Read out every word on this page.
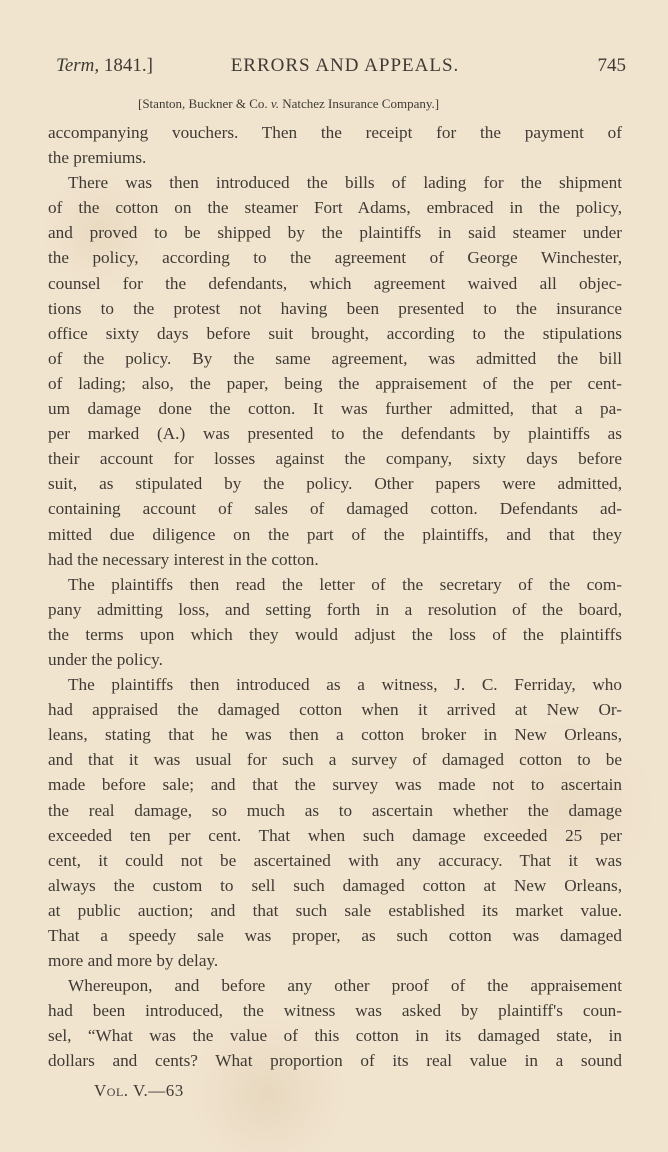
Term, 1841.]	ERRORS AND APPEALS.	745
[Stanton, Buckner & Co. v. Natchez Insurance Company.]
accompanying vouchers. Then the receipt for the payment of
the premiums.
There was then introduced the bills of lading for the shipment
of the cotton on the steamer Fort Adams, embraced in the policy,
and proved to be shipped by the plaintiffs in said steamer under
the policy, according to the agreement of George Winchester,
counsel for the defendants, which agreement waived all objec-
tions to the protest not having been presented to the insurance
office sixty days before suit brought, according to the stipulations
of the policy. By the same agreement, was admitted the bill
of lading; also, the paper, being the appraisement of the per cent-
um damage done the cotton. It was further admitted, that a pa-
per marked (A.) was presented to the defendants by plaintiffs as
their account for losses against the company, sixty days before
suit, as stipulated by the policy. Other papers were admitted,
containing account of sales of damaged cotton. Defendants ad-
mitted due diligence on the part of the plaintiffs, and that they
had the necessary interest in the cotton.
The plaintiffs then read the letter of the secretary of the com-
pany admitting loss, and setting forth in a resolution of the board,
the terms upon which they would adjust the loss of the plaintiffs
under the policy.
The plaintiffs then introduced as a witness, J. C. Ferriday, who
had appraised the damaged cotton when it arrived at New Or-
leans, stating that he was then a cotton broker in New Orleans,
and that it was usual for such a survey of damaged cotton to be
made before sale; and that the survey was made not to ascertain
the real damage, so much as to ascertain whether the damage
exceeded ten per cent. That when such damage exceeded 25 per
cent, it could not be ascertained with any accuracy. That it was
always the custom to sell such damaged cotton at New Orleans,
at public auction; and that such sale established its market value.
That a speedy sale was proper, as such cotton was damaged
more and more by delay.
Whereupon, and before any other proof of the appraisement
had been introduced, the witness was asked by plaintiff's coun-
sel, “What was the value of this cotton in its damaged state, in
dollars and cents? What proportion of its real value in a sound
Vol. V.—63
